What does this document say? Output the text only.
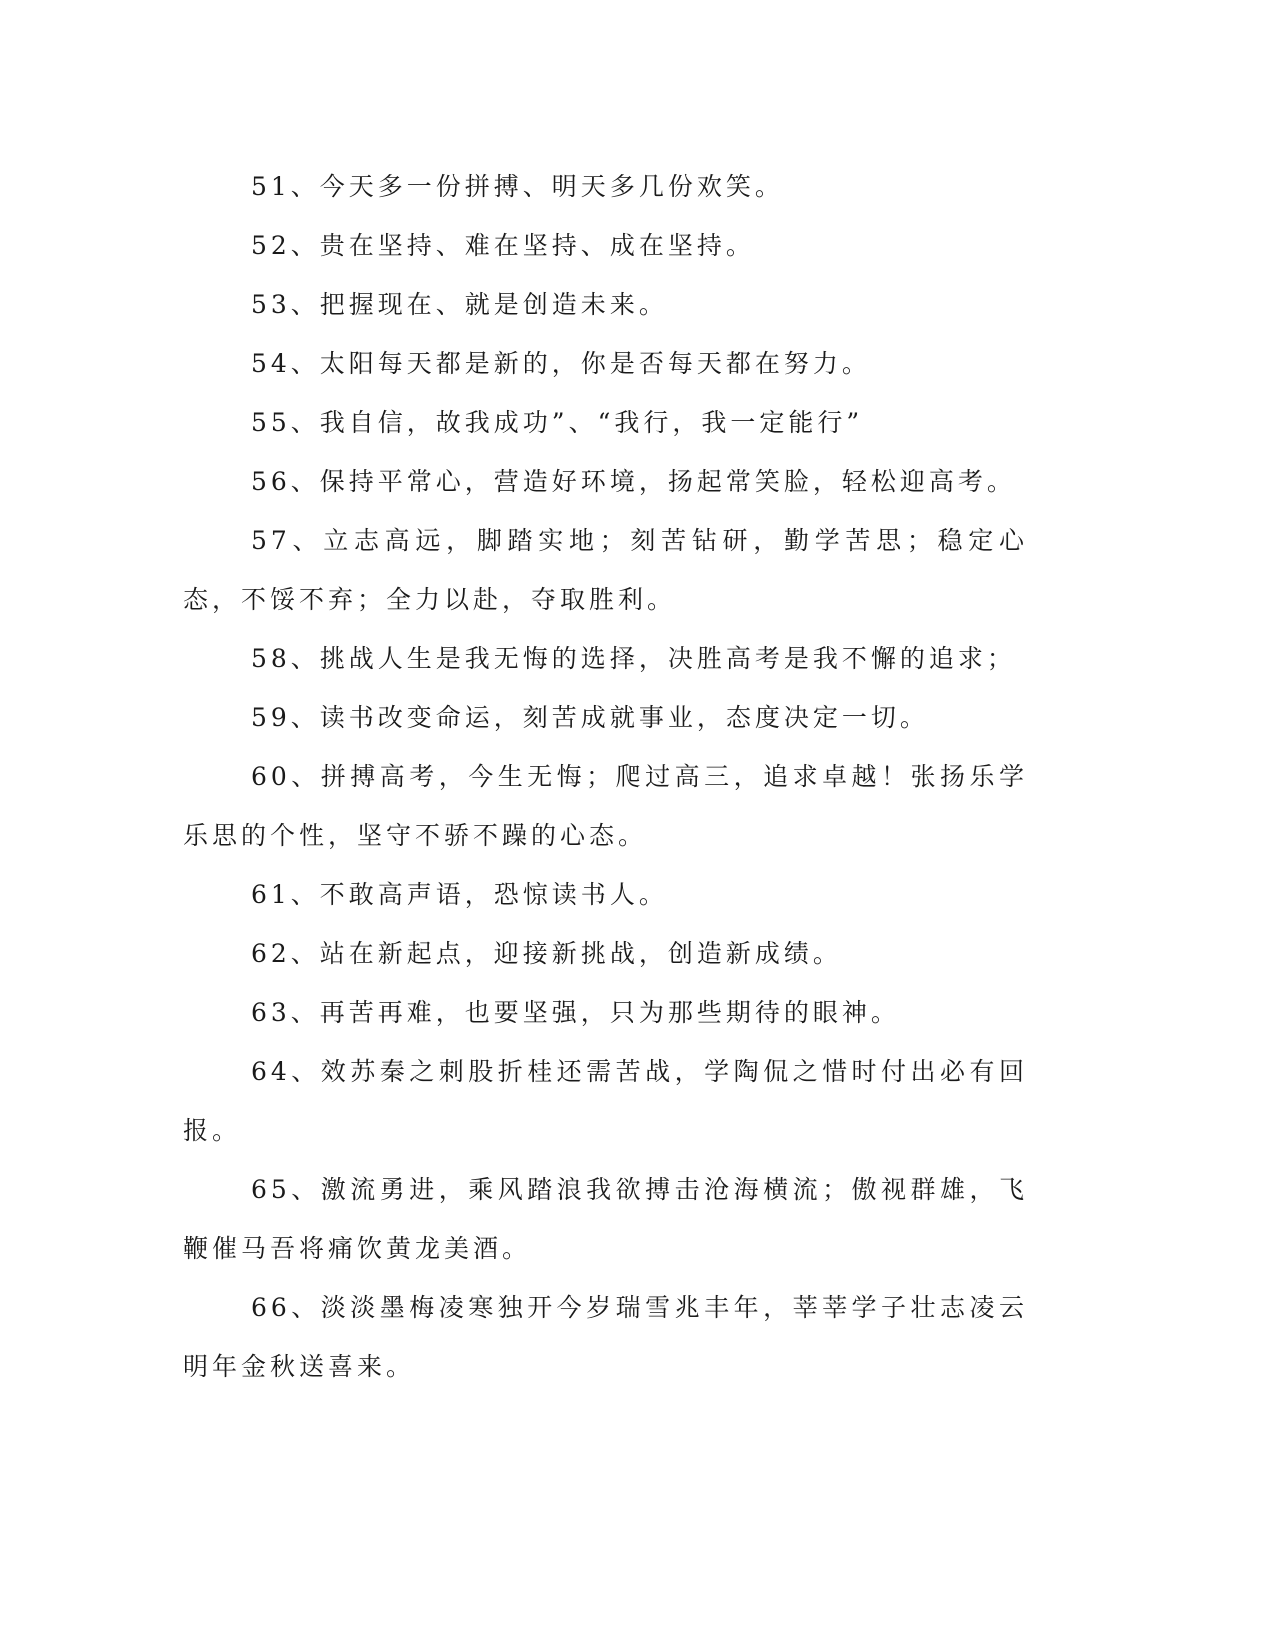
51、今天多一份拼搏、明天多几份欢笑。

52、贵在坚持、难在坚持、成在坚持。

53、把握现在、就是创造未来。

54、太阳每天都是新的，你是否每天都在努力。

55、我自信，故我成功”、“我行，我一定能行”

56、保持平常心，营造好环境，扬起常笑脸，轻松迎高考。

57、立志高远，脚踏实地；刻苦钻研，勤学苦思；稳定心态，不馁不弃；全力以赴，夺取胜利。

58、挑战人生是我无悔的选择，决胜高考是我不懈的追求；

59、读书改变命运，刻苦成就事业，态度决定一切。

60、拼搏高考，今生无悔；爬过高三，追求卓越！张扬乐学乐思的个性，坚守不骄不躁的心态。

61、不敢高声语，恐惊读书人。

62、站在新起点，迎接新挑战，创造新成绩。

63、再苦再难，也要坚强，只为那些期待的眼神。

64、效苏秦之刺股折桂还需苦战，学陶侃之惜时付出必有回报。

65、激流勇进，乘风踏浪我欲搏击沧海横流；傲视群雄，飞鞭催马吾将痛饮黄龙美酒。

66、淡淡墨梅凌寒独开今岁瑞雪兆丰年，莘莘学子壮志凌云明年金秋送喜来。
